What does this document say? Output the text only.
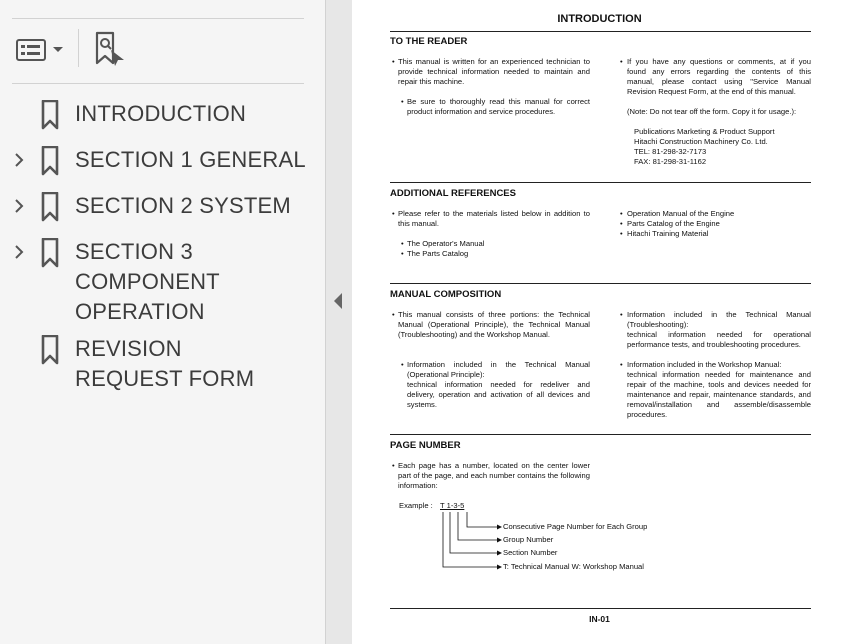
INTRODUCTION
SECTION 1 GENERAL
SECTION 2 SYSTEM
SECTION 3 COMPONENT OPERATION
REVISION REQUEST FORM
INTRODUCTION
TO THE READER
• This manual is written for an experienced technician to provide technical information needed to maintain and repair this machine.
• Be sure to thoroughly read this manual for correct product information and service procedures.
• If you have any questions or comments, at if you found any errors regarding the contents of this manual, please contact using "Service Manual Revision Request Form, at the end of this manual.
(Note: Do not tear off the form. Copy it for usage.):
Publications Marketing & Product Support
Hitachi Construction Machinery Co. Ltd.
TEL: 81-298-32-7173
FAX: 81-298-31-1162
ADDITIONAL REFERENCES
• Please refer to the materials listed below in addition to this manual.
• The Operator's Manual
• The Parts Catalog
• Operation Manual of the Engine
• Parts Catalog of the Engine
• Hitachi Training Material
MANUAL COMPOSITION
• This manual consists of three portions: the Technical Manual (Operational Principle), the Technical Manual (Troubleshooting) and the Workshop Manual.
• Information included in the Technical Manual (Operational Principle):
technical information needed for redeliver and delivery, operation and activation of all devices and systems.
• Information included in the Technical Manual (Troubleshooting):
technical information needed for operational performance tests, and troubleshooting procedures.
• Information included in the Workshop Manual:
technical information needed for maintenance and repair of the machine, tools and devices needed for maintenance and repair, maintenance standards, and removal/installation and assemble/disassemble procedures.
PAGE NUMBER
• Each page has a number, located on the center lower part of the page, and each number contains the following information:
Example : T 1-3-5
Consecutive Page Number for Each Group
Group Number
Section Number
T: Technical Manual W: Workshop Manual
IN-01
